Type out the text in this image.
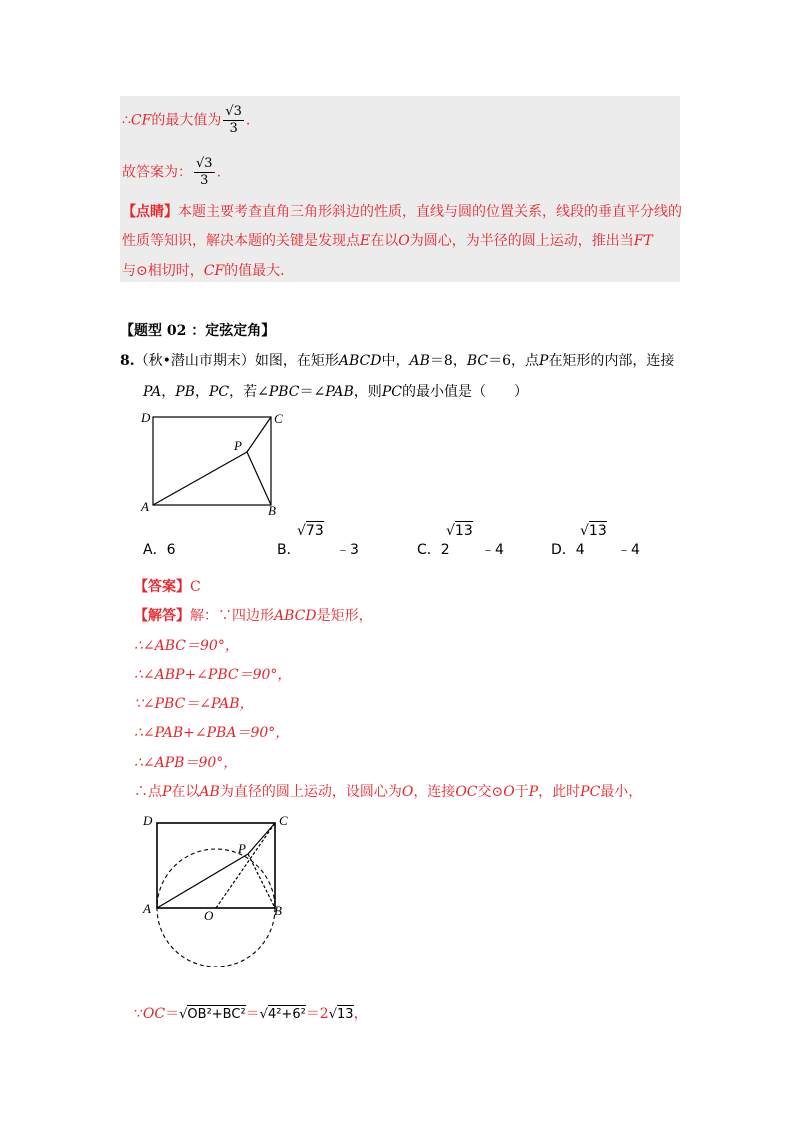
∴CF的最大值为 $\frac{√3}{3}$ .
故答案为： $\frac{√3}{3}$ .
【点睛】本题主要考查直角三角形斜边的性质，直线与圆的位置关系，线段的垂直平分线的
性质等知识，解决本题的关键是发现点E在以O为圆心，为半径的圆上运动，推出当FT
与⊙相切时，CF的值最大.
【题型 02 ：定弦定角】
8.（秋•潜山市期末）如图，在矩形ABCD中，AB＝8，BC＝6，点P在矩形的内部，连接
PA，PB，PC，若∠PBC＝∠PAB，则PC的最小值是（　　）
D	C
P
A	B
A．6	B．
√73
﹣3	C．2
√13
﹣4	D．4
√13
﹣4
【答案】C
【解答】解：∵四边形ABCD是矩形，
∴∠ABC＝90°，
∴∠ABP+∠PBC＝90°，
∵∠PBC＝∠PAB，
∴∠PAB+∠PBA＝90°，
∴∠APB＝90°，
∴点P在以AB为直径的圆上运动，设圆心为O，连接OC交⊙O于P，此时PC最小，
D	C
P
A	O	B
∵OC＝√OB²+BC²＝√4²+6²＝2√13，
